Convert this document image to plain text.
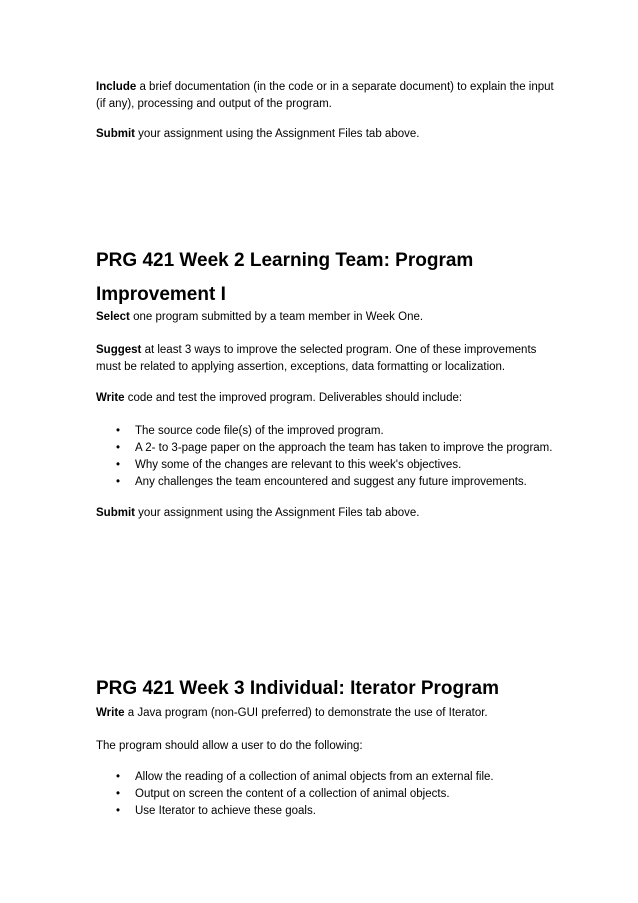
Include a brief documentation (in the code or in a separate document) to explain the input (if any), processing and output of the program.

Submit your assignment using the Assignment Files tab above.

PRG 421 Week 2 Learning Team: Program
Improvement I

Select one program submitted by a team member in Week One.

Suggest at least 3 ways to improve the selected program. One of these improvements must be related to applying assertion, exceptions, data formatting or localization.

Write code and test the improved program. Deliverables should include:

• The source code file(s) of the improved program.
• A 2- to 3-page paper on the approach the team has taken to improve the program.
• Why some of the changes are relevant to this week's objectives.
• Any challenges the team encountered and suggest any future improvements.

Submit your assignment using the Assignment Files tab above.

PRG 421 Week 3 Individual: Iterator Program

Write a Java program (non-GUI preferred) to demonstrate the use of Iterator.

The program should allow a user to do the following:

• Allow the reading of a collection of animal objects from an external file.
• Output on screen the content of a collection of animal objects.
• Use Iterator to achieve these goals.
